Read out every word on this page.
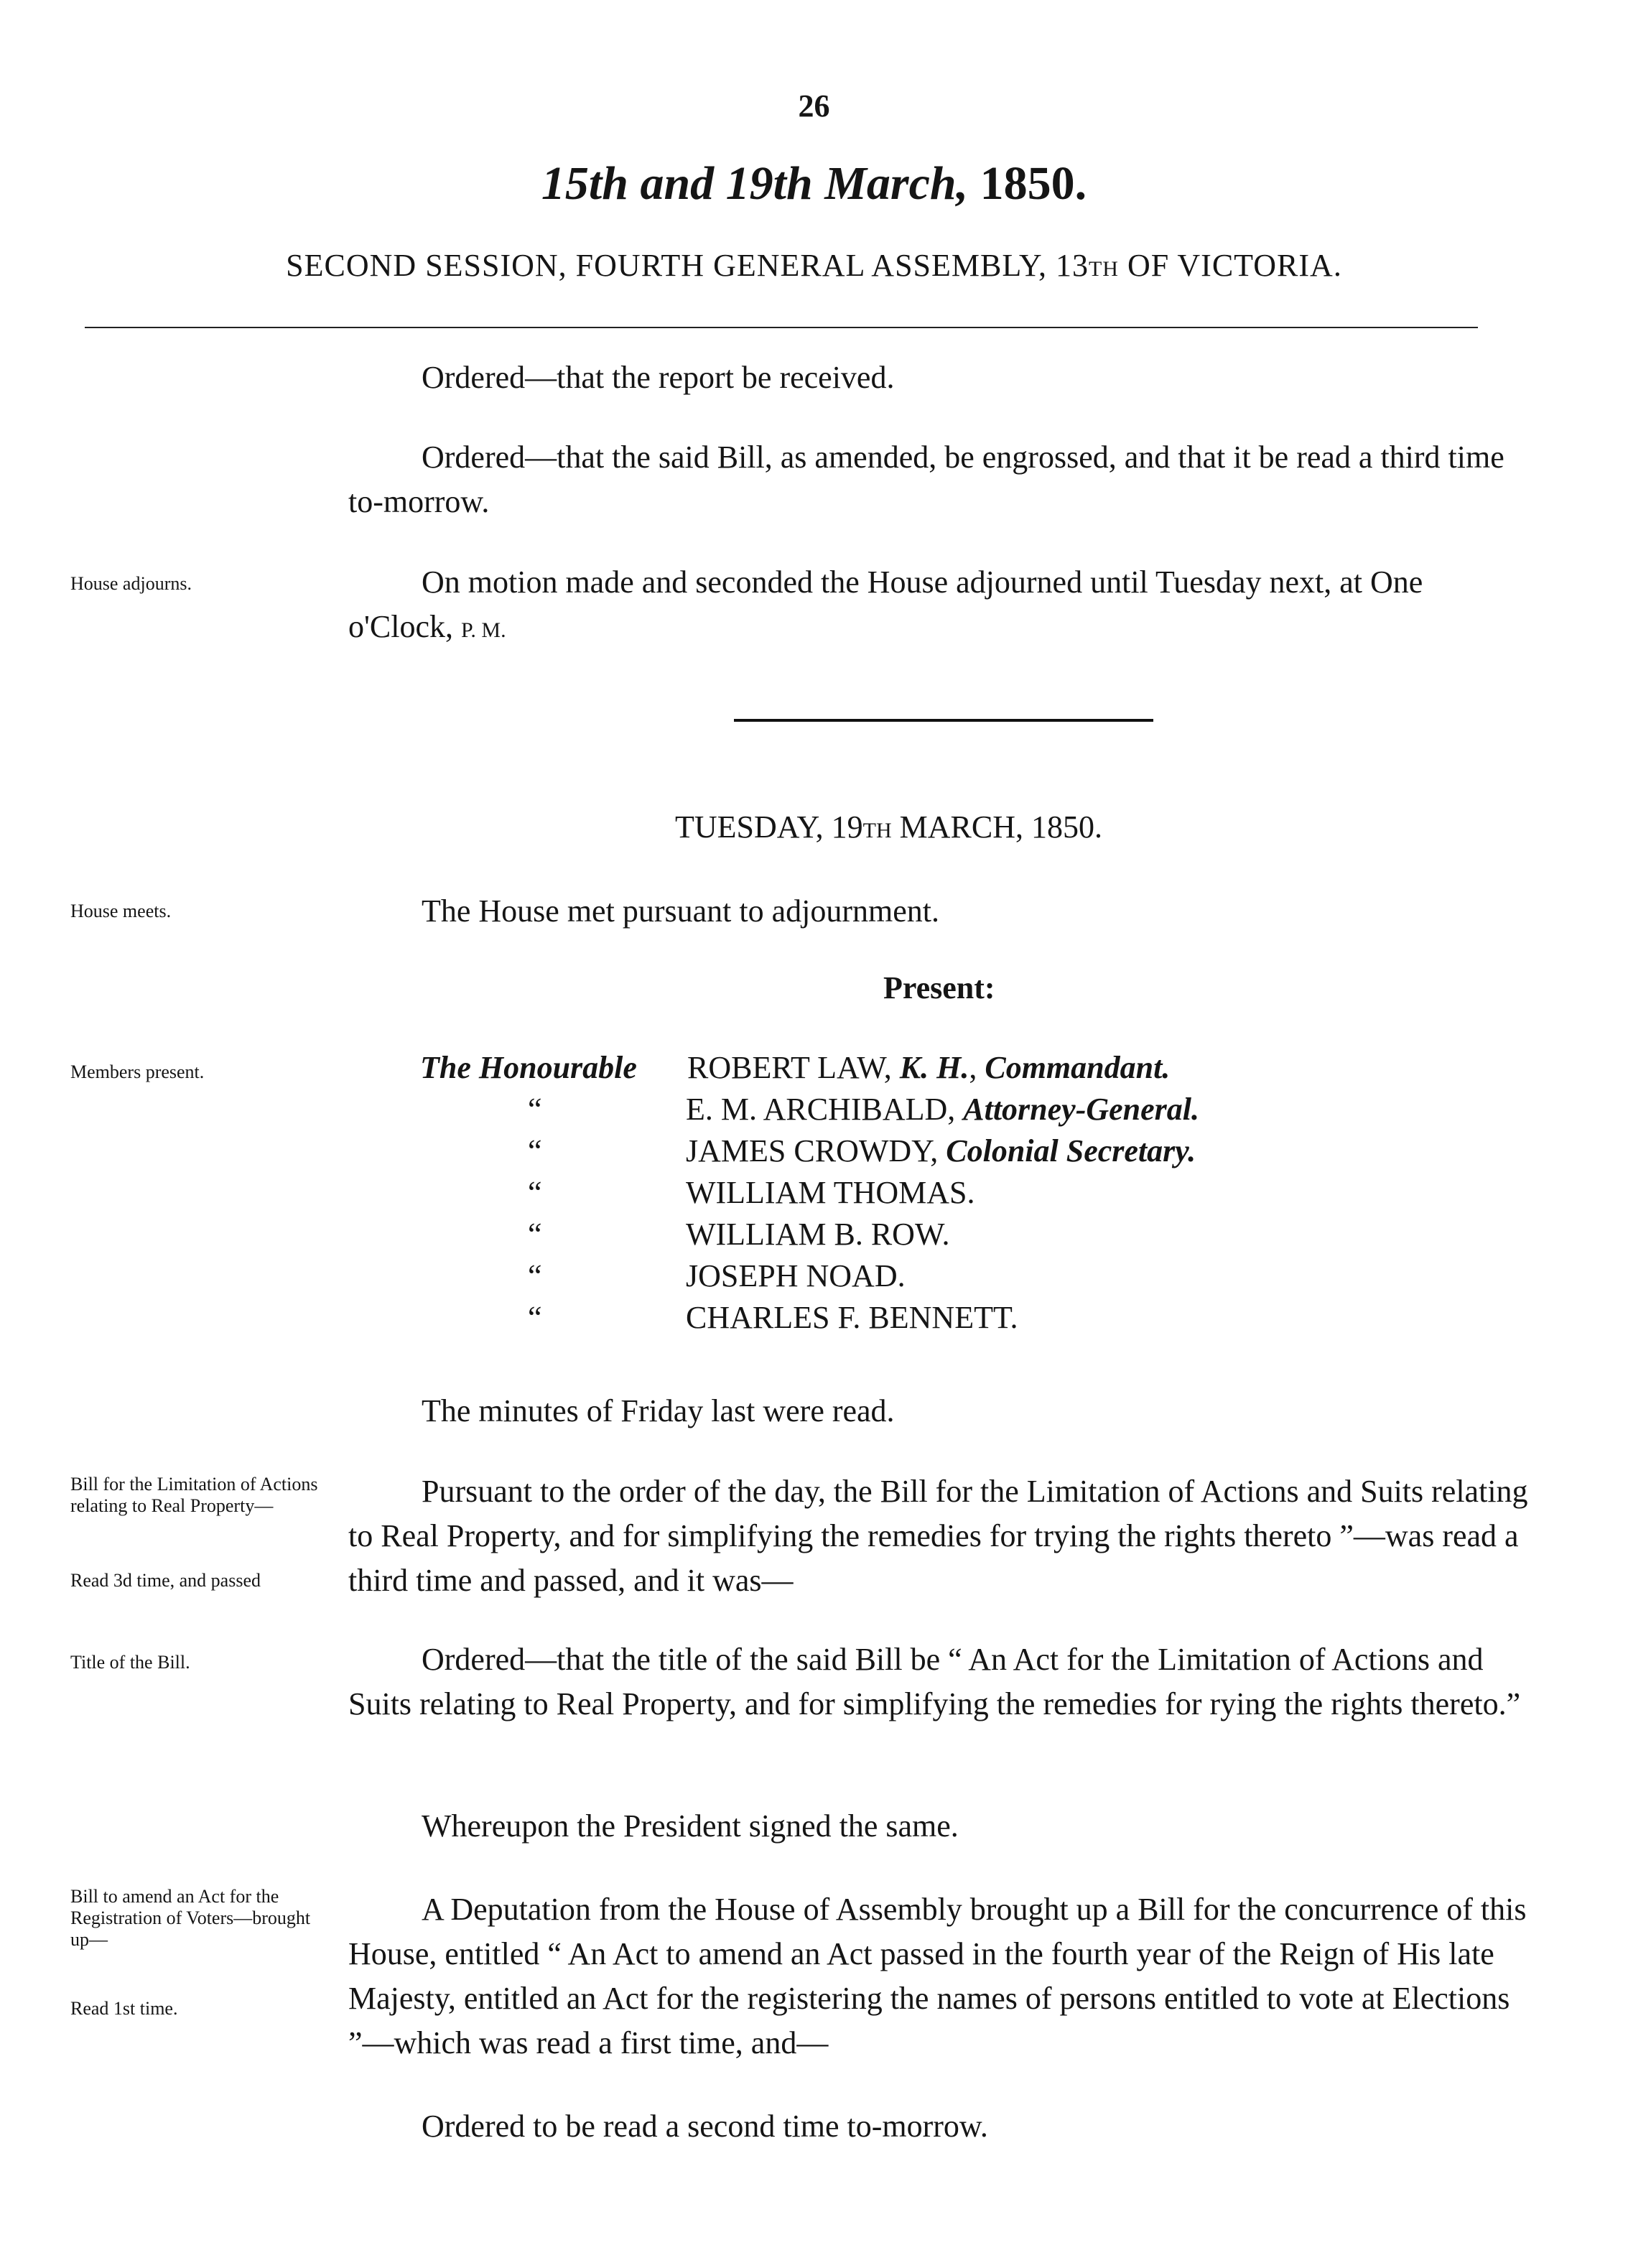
26
15th and 19th March, 1850.
SECOND SESSION, FOURTH GENERAL ASSEMBLY, 13TH OF VICTORIA.
Ordered—that the report be received.
Ordered—that the said Bill, as amended, be engrossed, and that it be read a third time to-morrow.
House adjourns.	On motion made and seconded the House adjourned until Tuesday next, at One o'Clock, P. M.
TUESDAY, 19TH MARCH, 1850.
House meets.	The House met pursuant to adjournment.
Present:
Members present.	The Honourable ROBERT LAW, K. H., Commandant.
“	E. M. ARCHIBALD, Attorney-General.
“	JAMES CROWDY, Colonial Secretary.
“	WILLIAM THOMAS.
“	WILLIAM B. ROW.
“	JOSEPH NOAD.
“	CHARLES F. BENNETT.
The minutes of Friday last were read.
Bill for the Limitation of Actions relating to Real Property—
Read 3d time, and passed
Pursuant to the order of the day, the Bill for the Limitation of Actions and Suits relating to Real Property, and for simplifying the remedies for trying the rights thereto ”—was read a third time and passed, and it was—
Title of the Bill.	Ordered—that the title of the said Bill be “ An Act for the Limitation of Actions and Suits relating to Real Property, and for simplifying the remedies for rying the rights thereto.”
Whereupon the President signed the same.
Bill to amend an Act for the Registration of Voters—brought up—
Read 1st time.
A Deputation from the House of Assembly brought up a Bill for the concurrence of this House, entitled “ An Act to amend an Act passed in the fourth year of the Reign of His late Majesty, entitled an Act for the registering the names of persons entitled to vote at Elections ”—which was read a first time, and—
Ordered to be read a second time to-morrow.
